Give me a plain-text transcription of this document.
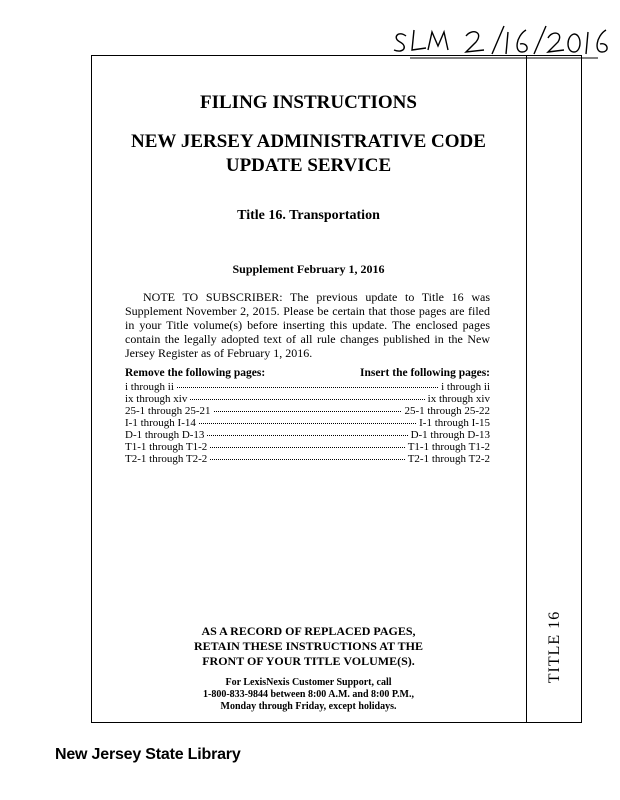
TITLE 16
FILING INSTRUCTIONS
NEW JERSEY ADMINISTRATIVE CODE
UPDATE SERVICE
Title 16. Transportation
Supplement February 1, 2016

NOTE TO SUBSCRIBER: The previous update to Title 16 was Supplement November 2, 2015. Please be certain that those pages are filed in your Title volume(s) before inserting this update. The enclosed pages contain the legally adopted text of all rule changes published in the New Jersey Register as of February 1, 2016.

Remove the following pages:	Insert the following pages:
i through ii	i through ii
ix through xiv	ix through xiv
25-1 through 25-21	25-1 through 25-22
I-1 through I-14	I-1 through I-15
D-1 through D-13	D-1 through D-13
T1-1 through T1-2	T1-1 through T1-2
T2-1 through T2-2	T2-1 through T2-2
AS A RECORD OF REPLACED PAGES,
RETAIN THESE INSTRUCTIONS AT THE
FRONT OF YOUR TITLE VOLUME(S).
For LexisNexis Customer Support, call
1-800-833-9844 between 8:00 A.M. and 8:00 P.M.,
Monday through Friday, except holidays.
New Jersey State Library
